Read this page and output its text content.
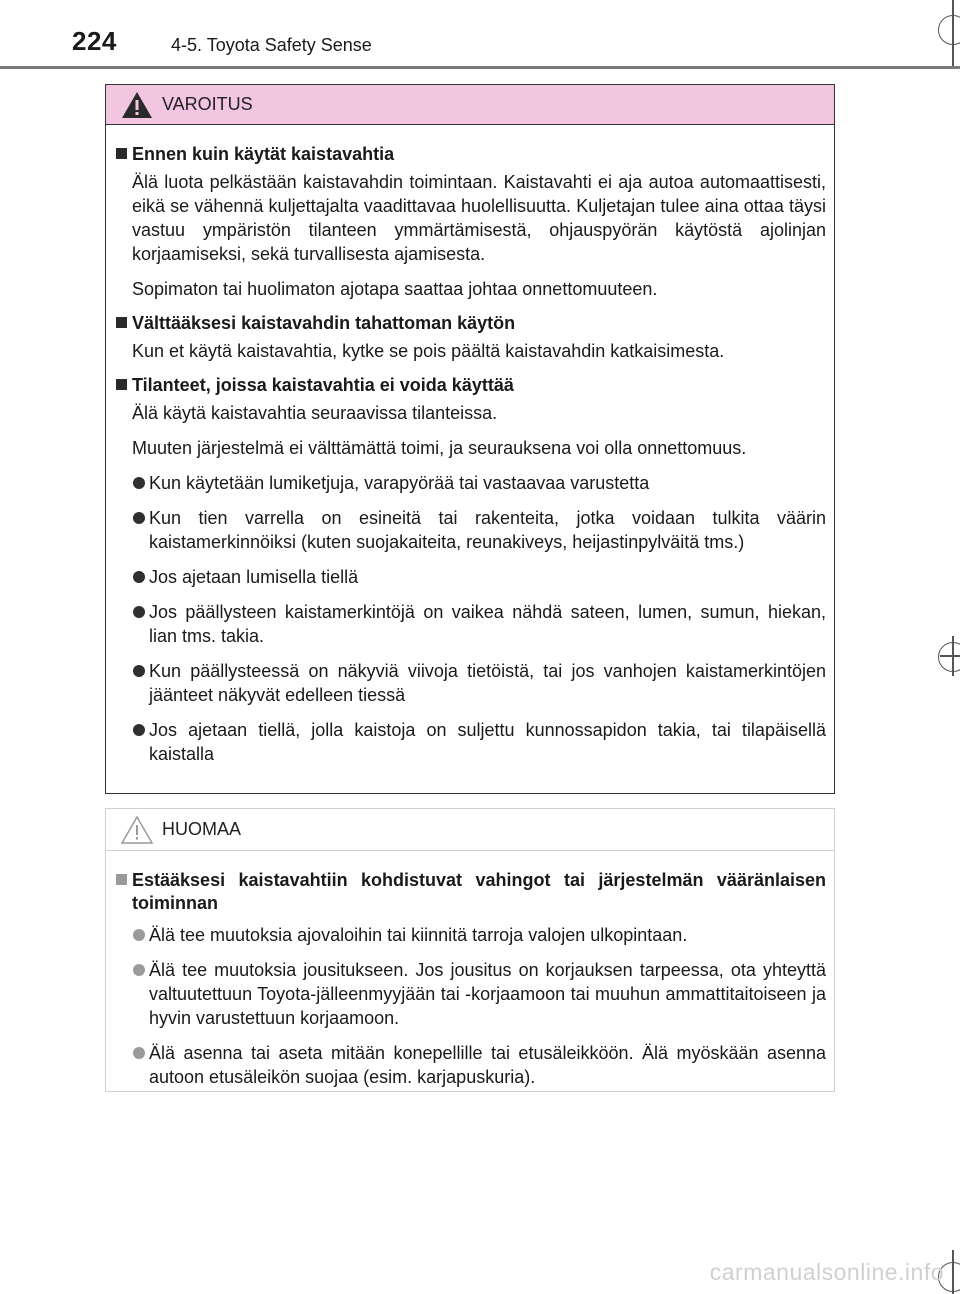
224	4-5. Toyota Safety Sense
VAROITUS
Ennen kuin käytät kaistavahtia

Älä luota pelkästään kaistavahdin toimintaan. Kaistavahti ei aja autoa automaattisesti, eikä se vähennä kuljettajalta vaadittavaa huolellisuutta. Kuljetajan tulee aina ottaa täysi vastuu ympäristön tilanteen ymmärtämisestä, ohjauspyörän käytöstä ajolinjan korjaamiseksi, sekä turvallisesta ajamisesta.

Sopimaton tai huolimaton ajotapa saattaa johtaa onnettomuuteen.

Välttääksesi kaistavahdin tahattoman käytön

Kun et käytä kaistavahtia, kytke se pois päältä kaistavahdin katkaisimesta.

Tilanteet, joissa kaistavahtia ei voida käyttää

Älä käytä kaistavahtia seuraavissa tilanteissa.

Muuten järjestelmä ei välttämättä toimi, ja seurauksena voi olla onnettomuus.

Kun käytetään lumiketjuja, varapyörää tai vastaavaa varustetta
Kun tien varrella on esineitä tai rakenteita, jotka voidaan tulkita väärin kaistamerkinnöiksi (kuten suojakaiteita, reunakiveys, heijastinpylväitä tms.)
Jos ajetaan lumisella tiellä
Jos päällysteen kaistamerkintöjä on vaikea nähdä sateen, lumen, sumun, hiekan, lian tms. takia.
Kun päällysteessä on näkyviä viivoja tietöistä, tai jos vanhojen kaistamerkintöjen jäänteet näkyvät edelleen tiessä
Jos ajetaan tiellä, jolla kaistoja on suljettu kunnossapidon takia, tai tilapäisellä kaistalla
HUOMAA
Estääksesi kaistavahtiin kohdistuvat vahingot tai järjestelmän vääränlaisen toiminnan
Älä tee muutoksia ajovaloihin tai kiinnitä tarroja valojen ulkopintaan.
Älä tee muutoksia jousitukseen. Jos jousitus on korjauksen tarpeessa, ota yhteyttä valtuutettuun Toyota-jälleenmyyjään tai -korjaamoon tai muuhun ammattitaitoiseen ja hyvin varustettuun korjaamoon.
Älä asenna tai aseta mitään konepellille tai etusäleikköön. Älä myöskään asenna autoon etusäleikön suojaa (esim. karjapuskuria).
carmanualsonline.info
